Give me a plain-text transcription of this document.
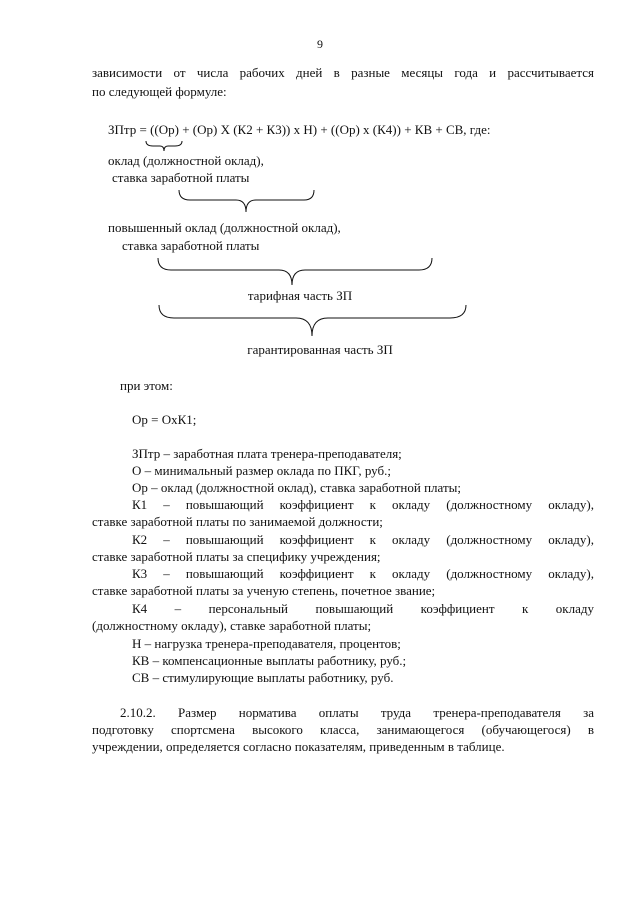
9
зависимости от числа рабочих дней в разные месяцы года и рассчитывается
по следующей формуле:
ЗПтр = ((Ор) + (Ор) Х (К2 + К3)) х Н) + ((Ор) х (К4)) + КВ + СВ, где:
оклад (должностной оклад),
ставка заработной платы
повышенный оклад (должностной оклад),
ставка заработной платы
тарифная часть ЗП
гарантированная часть ЗП
при этом:
Ор = ОхК1;
ЗПтр – заработная плата тренера-преподавателя;
О – минимальный размер оклада по ПКГ, руб.;
Ор – оклад (должностной оклад), ставка заработной платы;
К1 – повышающий коэффициент к окладу (должностному окладу),
ставке заработной платы по занимаемой должности;
К2 – повышающий коэффициент к окладу (должностному окладу),
ставке заработной платы за специфику учреждения;
К3 – повышающий коэффициент к окладу (должностному окладу),
ставке заработной платы за ученую степень, почетное звание;
К4 – персональный повышающий коэффициент к окладу
(должностному окладу), ставке заработной платы;
Н – нагрузка тренера-преподавателя, процентов;
КВ – компенсационные выплаты работнику, руб.;
СВ – стимулирующие выплаты работнику, руб.
2.10.2. Размер норматива оплаты труда тренера-преподавателя за
подготовку спортсмена высокого класса, занимающегося (обучающегося) в
учреждении, определяется согласно показателям, приведенным в таблице.
